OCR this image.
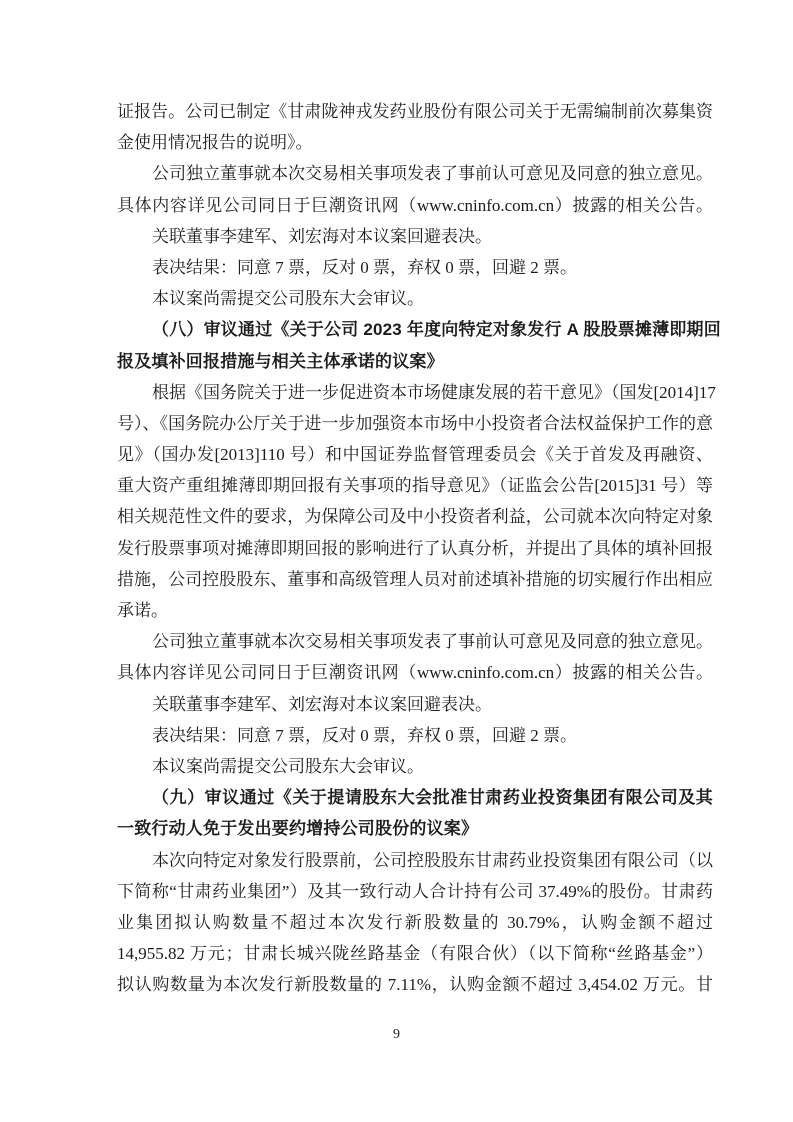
证报告。公司已制定《甘肃陇神戎发药业股份有限公司关于无需编制前次募集资
金使用情况报告的说明》。
公司独立董事就本次交易相关事项发表了事前认可意见及同意的独立意见。
具体内容详见公司同日于巨潮资讯网（www.cninfo.com.cn）披露的相关公告。
关联董事李建军、刘宏海对本议案回避表决。
表决结果：同意 7 票，反对 0 票，弃权 0 票，回避 2 票。
本议案尚需提交公司股东大会审议。
（八）审议通过《关于公司 2023 年度向特定对象发行 A 股股票摊薄即期回
报及填补回报措施与相关主体承诺的议案》
根据《国务院关于进一步促进资本市场健康发展的若干意见》（国发[2014]17
号）、《国务院办公厅关于进一步加强资本市场中小投资者合法权益保护工作的意
见》（国办发[2013]110 号）和中国证券监督管理委员会《关于首发及再融资、
重大资产重组摊薄即期回报有关事项的指导意见》（证监会公告[2015]31 号）等
相关规范性文件的要求，为保障公司及中小投资者利益，公司就本次向特定对象
发行股票事项对摊薄即期回报的影响进行了认真分析，并提出了具体的填补回报
措施，公司控股股东、董事和高级管理人员对前述填补措施的切实履行作出相应
承诺。
公司独立董事就本次交易相关事项发表了事前认可意见及同意的独立意见。
具体内容详见公司同日于巨潮资讯网（www.cninfo.com.cn）披露的相关公告。
关联董事李建军、刘宏海对本议案回避表决。
表决结果：同意 7 票，反对 0 票，弃权 0 票，回避 2 票。
本议案尚需提交公司股东大会审议。
（九）审议通过《关于提请股东大会批准甘肃药业投资集团有限公司及其
一致行动人免于发出要约增持公司股份的议案》
本次向特定对象发行股票前，公司控股股东甘肃药业投资集团有限公司（以
下简称“甘肃药业集团”）及其一致行动人合计持有公司 37.49%的股份。甘肃药
业集团拟认购数量不超过本次发行新股数量的 30.79%，认购金额不超过
14,955.82 万元；甘肃长城兴陇丝路基金（有限合伙）（以下简称“丝路基金”）
拟认购数量为本次发行新股数量的 7.11%，认购金额不超过 3,454.02 万元。甘
9
